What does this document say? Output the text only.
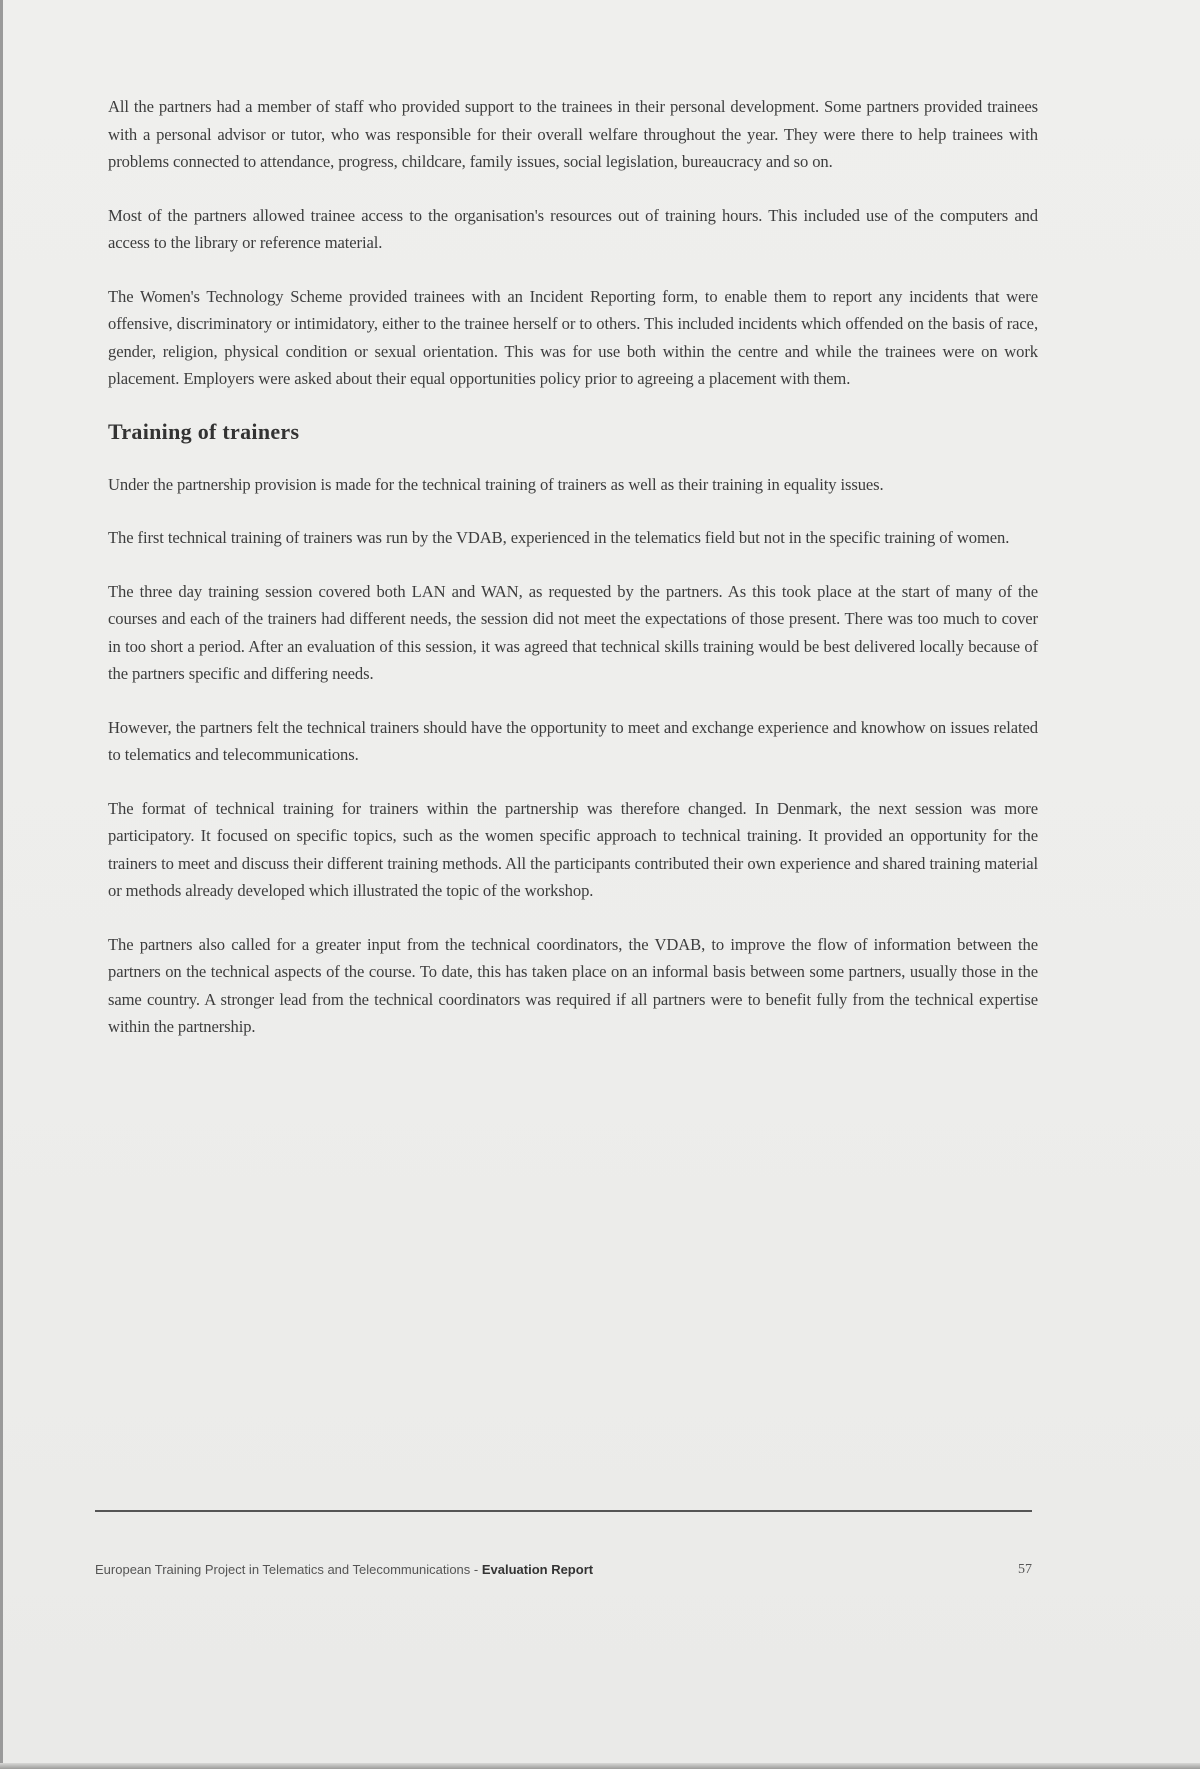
All the partners had a member of staff who provided support to the trainees in their personal development. Some partners provided trainees with a personal advisor or tutor, who was responsible for their overall welfare throughout the year. They were there to help trainees with problems connected to attendance, progress, childcare, family issues, social legislation, bureaucracy and so on.

Most of the partners allowed trainee access to the organisation's resources out of training hours. This included use of the computers and access to the library or reference material.

The Women's Technology Scheme provided trainees with an Incident Reporting form, to enable them to report any incidents that were offensive, discriminatory or intimidatory, either to the trainee herself or to others. This included incidents which offended on the basis of race, gender, religion, physical condition or sexual orientation. This was for use both within the centre and while the trainees were on work placement. Employers were asked about their equal opportunities policy prior to agreeing a placement with them.

Training of trainers

Under the partnership provision is made for the technical training of trainers as well as their training in equality issues.

The first technical training of trainers was run by the VDAB, experienced in the telematics field but not in the specific training of women.

The three day training session covered both LAN and WAN, as requested by the partners. As this took place at the start of many of the courses and each of the trainers had different needs, the session did not meet the expectations of those present. There was too much to cover in too short a period. After an evaluation of this session, it was agreed that technical skills training would be best delivered locally because of the partners specific and differing needs.

However, the partners felt the technical trainers should have the opportunity to meet and exchange experience and knowhow on issues related to telematics and telecommunications.

The format of technical training for trainers within the partnership was therefore changed. In Denmark, the next session was more participatory. It focused on specific topics, such as the women specific approach to technical training. It provided an opportunity for the trainers to meet and discuss their different training methods. All the participants contributed their own experience and shared training material or methods already developed which illustrated the topic of the workshop.

The partners also called for a greater input from the technical coordinators, the VDAB, to improve the flow of information between the partners on the technical aspects of the course. To date, this has taken place on an informal basis between some partners, usually those in the same country. A stronger lead from the technical coordinators was required if all partners were to benefit fully from the technical expertise within the partnership.

European Training Project in Telematics and Telecommunications - Evaluation Report	57
